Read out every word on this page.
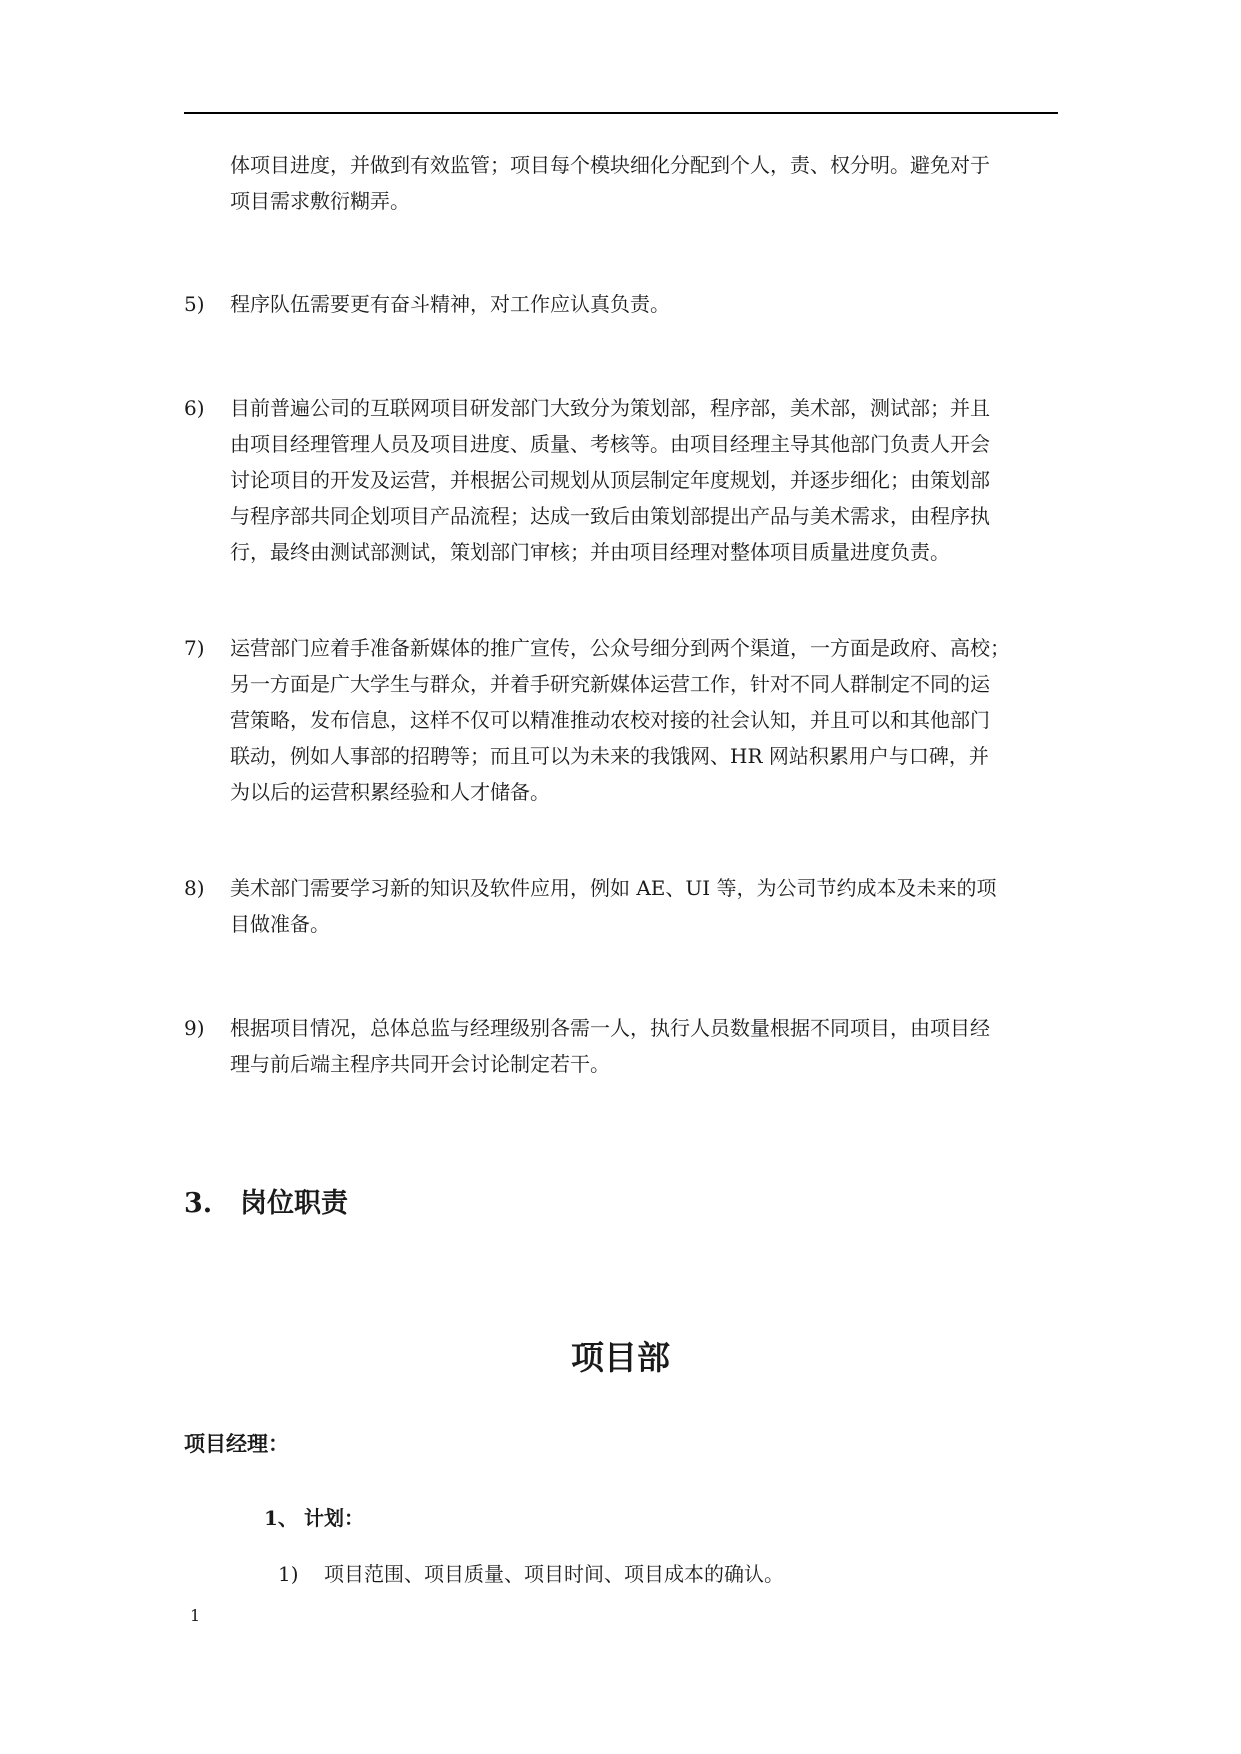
体项目进度，并做到有效监管；项目每个模块细化分配到个人，责、权分明。避免对于
项目需求敷衍糊弄。
5)	程序队伍需要更有奋斗精神，对工作应认真负责。
6)	目前普遍公司的互联网项目研发部门大致分为策划部，程序部，美术部，测试部；并且
由项目经理管理人员及项目进度、质量、考核等。由项目经理主导其他部门负责人开会
讨论项目的开发及运营，并根据公司规划从顶层制定年度规划，并逐步细化；由策划部
与程序部共同企划项目产品流程；达成一致后由策划部提出产品与美术需求，由程序执
行，最终由测试部测试，策划部门审核；并由项目经理对整体项目质量进度负责。
7)	运营部门应着手准备新媒体的推广宣传，公众号细分到两个渠道，一方面是政府、高校；
另一方面是广大学生与群众，并着手研究新媒体运营工作，针对不同人群制定不同的运
营策略，发布信息，这样不仅可以精准推动农校对接的社会认知，并且可以和其他部门
联动，例如人事部的招聘等；而且可以为未来的我饿网、HR 网站积累用户与口碑，并
为以后的运营积累经验和人才储备。
8)	美术部门需要学习新的知识及软件应用，例如 AE、UI 等，为公司节约成本及未来的项
目做准备。
9)	根据项目情况，总体总监与经理级别各需一人，执行人员数量根据不同项目，由项目经
理与前后端主程序共同开会讨论制定若干。
3. 岗位职责
项目部
项目经理：
1、 计划：
1) 项目范围、项目质量、项目时间、项目成本的确认。
1
